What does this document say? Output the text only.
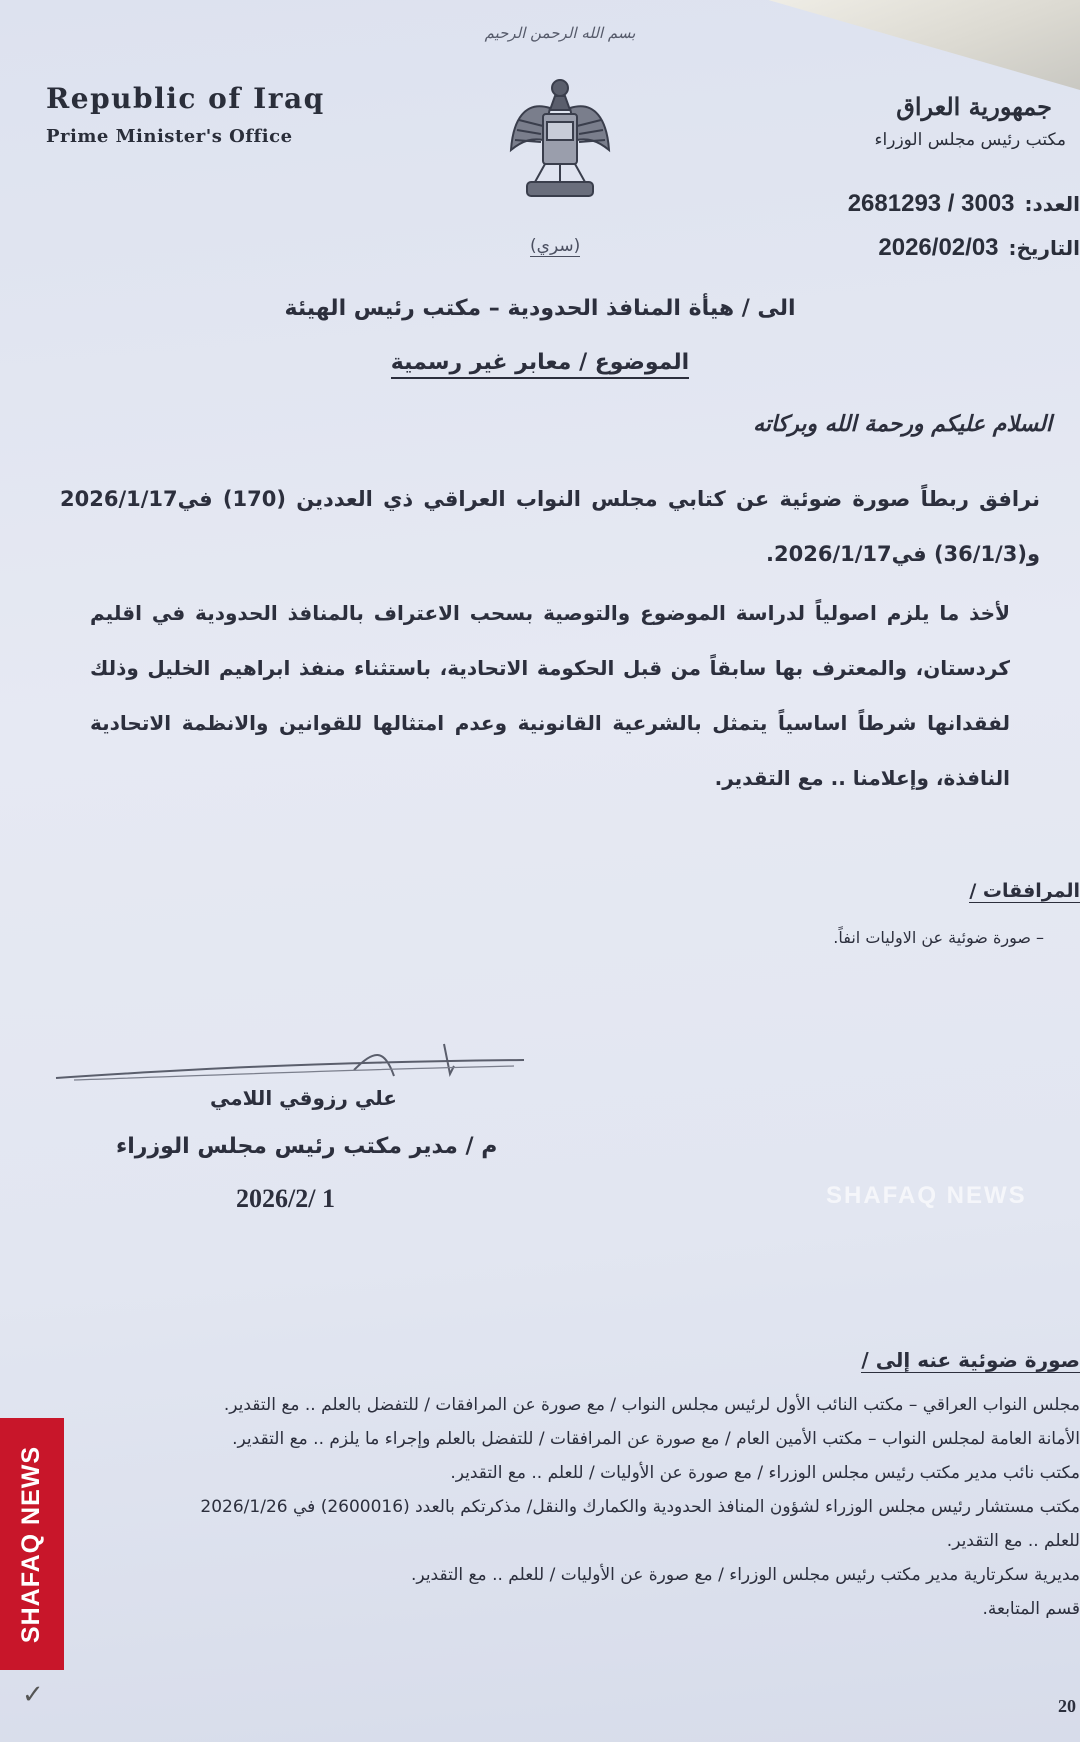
بسم الله الرحمن الرحيم
Republic of Iraq
Prime Minister's Office
جمهورية العراق
مكتب رئيس مجلس الوزراء
العدد:2681293 / 3003
التاريخ:2026/02/03
(سري)
الى / هيأة المنافذ الحدودية – مكتب رئيس الهيئة
الموضوع / معابر غير رسمية
السلام عليكم ورحمة الله وبركاته
نرافق ربطاً صورة ضوئية عن كتابي مجلس النواب العراقي ذي العددين (170) في2026/1/17 و(36/1/3) في2026/1/17.
لأخذ ما يلزم اصولياً لدراسة الموضوع والتوصية بسحب الاعتراف بالمنافذ الحدودية في اقليم كردستان، والمعترف بها سابقاً من قبل الحكومة الاتحادية، باستثناء منفذ ابراهيم الخليل وذلك لفقدانها شرطاً اساسياً يتمثل بالشرعية القانونية وعدم امتثالها للقوانين والانظمة الاتحادية النافذة، وإعلامنا .. مع التقدير.
المرافقات /
– صورة ضوئية عن الاوليات انفاً.
علي رزوقي اللامي
م / مدير مكتب رئيس مجلس الوزراء
2026/2/ 1	SHAFAQ NEWS
صورة ضوئية عنه إلى /
مجلس النواب العراقي – مكتب النائب الأول لرئيس مجلس النواب / مع صورة عن المرافقات / للتفضل بالعلم .. مع التقدير.
الأمانة العامة لمجلس النواب – مكتب الأمين العام / مع صورة عن المرافقات / للتفضل بالعلم وإجراء ما يلزم .. مع التقدير.
مكتب نائب مدير مكتب رئيس مجلس الوزراء / مع صورة عن الأوليات / للعلم .. مع التقدير.
مكتب مستشار رئيس مجلس الوزراء لشؤون المنافذ الحدودية والكمارك والنقل/ مذكرتكم بالعدد (2600016) في 2026/1/26
للعلم .. مع التقدير.
مديرية سكرتارية مدير مكتب رئيس مجلس الوزراء / مع صورة عن الأوليات / للعلم .. مع التقدير.
قسم المتابعة.
SHAFAQ NEWS
✓	20
